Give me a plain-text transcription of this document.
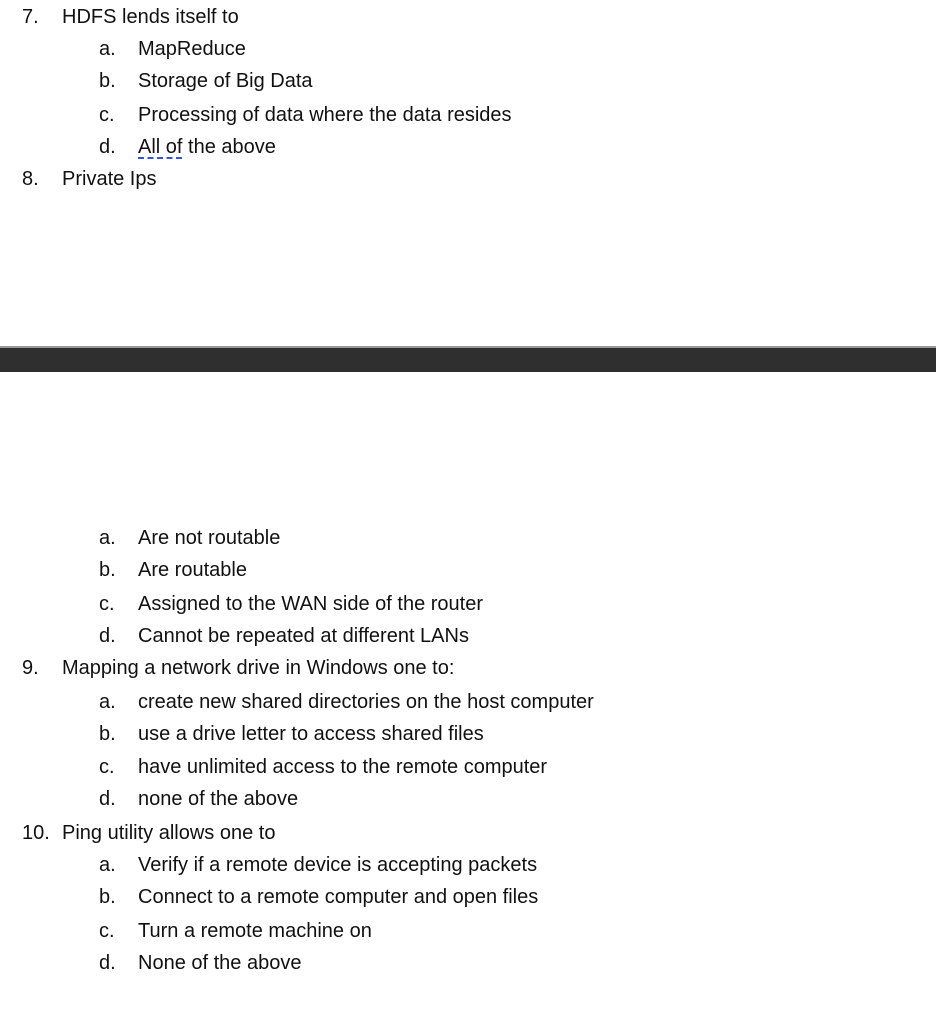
7. HDFS lends itself to
a. MapReduce
b. Storage of Big Data
c. Processing of data where the data resides
d. All of the above
8. Private Ips
a. Are not routable
b. Are routable
c. Assigned to the WAN side of the router
d. Cannot be repeated at different LANs
9. Mapping a network drive in Windows one to:
a. create new shared directories on the host computer
b. use a drive letter to access shared files
c. have unlimited access to the remote computer
d. none of the above
10. Ping utility allows one to
a. Verify if a remote device is accepting packets
b. Connect to a remote computer and open files
c. Turn a remote machine on
d. None of the above
